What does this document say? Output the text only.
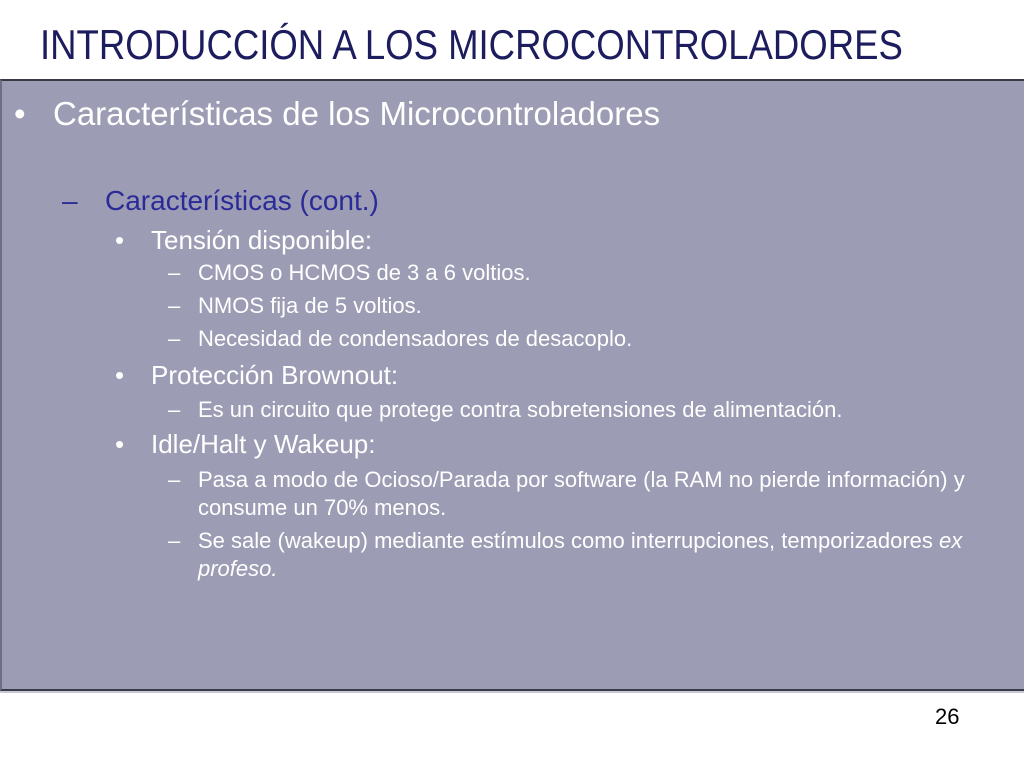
INTRODUCCIÓN A LOS MICROCONTROLADORES
• Características de los Microcontroladores
– Características (cont.)
• Tensión disponible:
– CMOS o HCMOS de 3 a 6 voltios.
– NMOS fija de 5 voltios.
– Necesidad de condensadores de desacoplo.
• Protección Brownout:
– Es un circuito que protege contra sobretensiones de alimentación.
• Idle/Halt y Wakeup:
– Pasa a modo de Ocioso/Parada por software (la RAM no pierde información) y consume un 70% menos.
– Se sale (wakeup) mediante estímulos como interrupciones, temporizadores ex profeso.
26
